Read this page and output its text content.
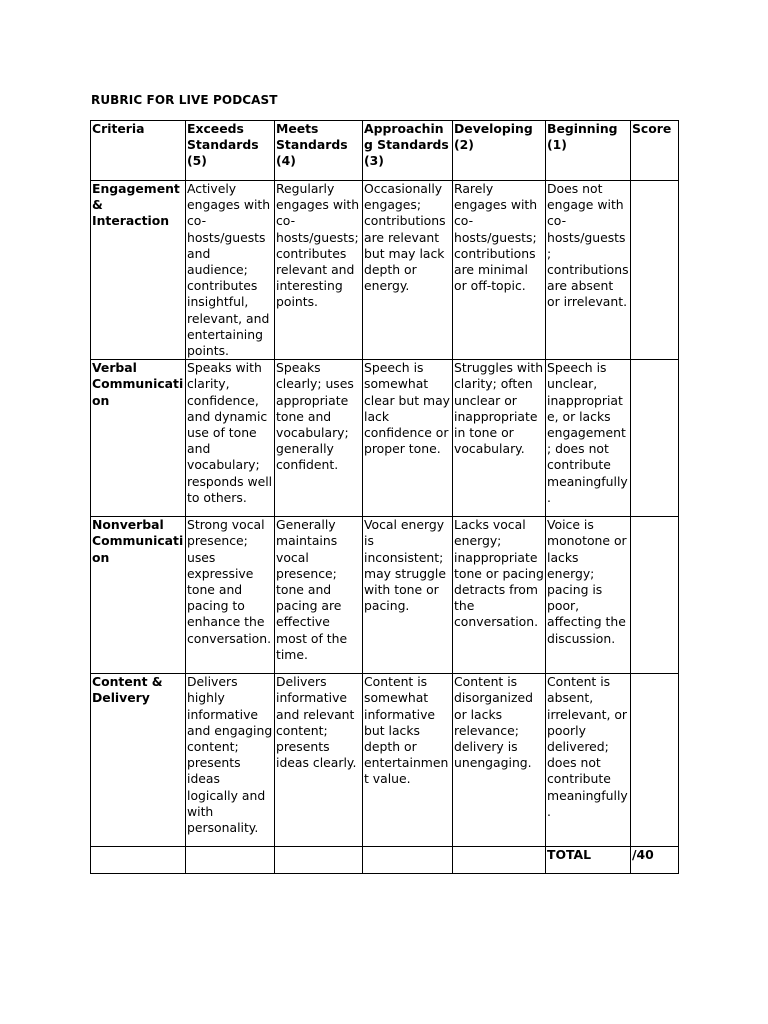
RUBRIC FOR LIVE PODCAST
Criteria	Exceeds Standards (5)	Meets Standards (4)	Approaching Standards (3)	Developing (2)	Beginning (1)	Score
Engagement & Interaction	Actively engages with co-hosts/guests and audience; contributes insightful, relevant, and entertaining points.	Regularly engages with co-hosts/guests; contributes relevant and interesting points.	Occasionally engages; contributions are relevant but may lack depth or energy.	Rarely engages with co-hosts/guests; contributions are minimal or off-topic.	Does not engage with co-hosts/guests; contributions are absent or irrelevant.	
Verbal Communication	Speaks with clarity, confidence, and dynamic use of tone and vocabulary; responds well to others.	Speaks clearly; uses appropriate tone and vocabulary; generally confident.	Speech is somewhat clear but may lack confidence or proper tone.	Struggles with clarity; often unclear or inappropriate in tone or vocabulary.	Speech is unclear, inappropriate, or lacks engagement; does not contribute meaningfully.	
Nonverbal Communication	Strong vocal presence; uses expressive tone and pacing to enhance the conversation.	Generally maintains vocal presence; tone and pacing are effective most of the time.	Vocal energy is inconsistent; may struggle with tone or pacing.	Lacks vocal energy; inappropriate tone or pacing detracts from the conversation.	Voice is monotone or lacks energy; pacing is poor, affecting the discussion.	
Content & Delivery	Delivers highly informative and engaging content; presents ideas logically and with personality.	Delivers informative and relevant content; presents ideas clearly.	Content is somewhat informative but lacks depth or entertainment value.	Content is disorganized or lacks relevance; delivery is unengaging.	Content is absent, irrelevant, or poorly delivered; does not contribute meaningfully.	
					TOTAL	/40
